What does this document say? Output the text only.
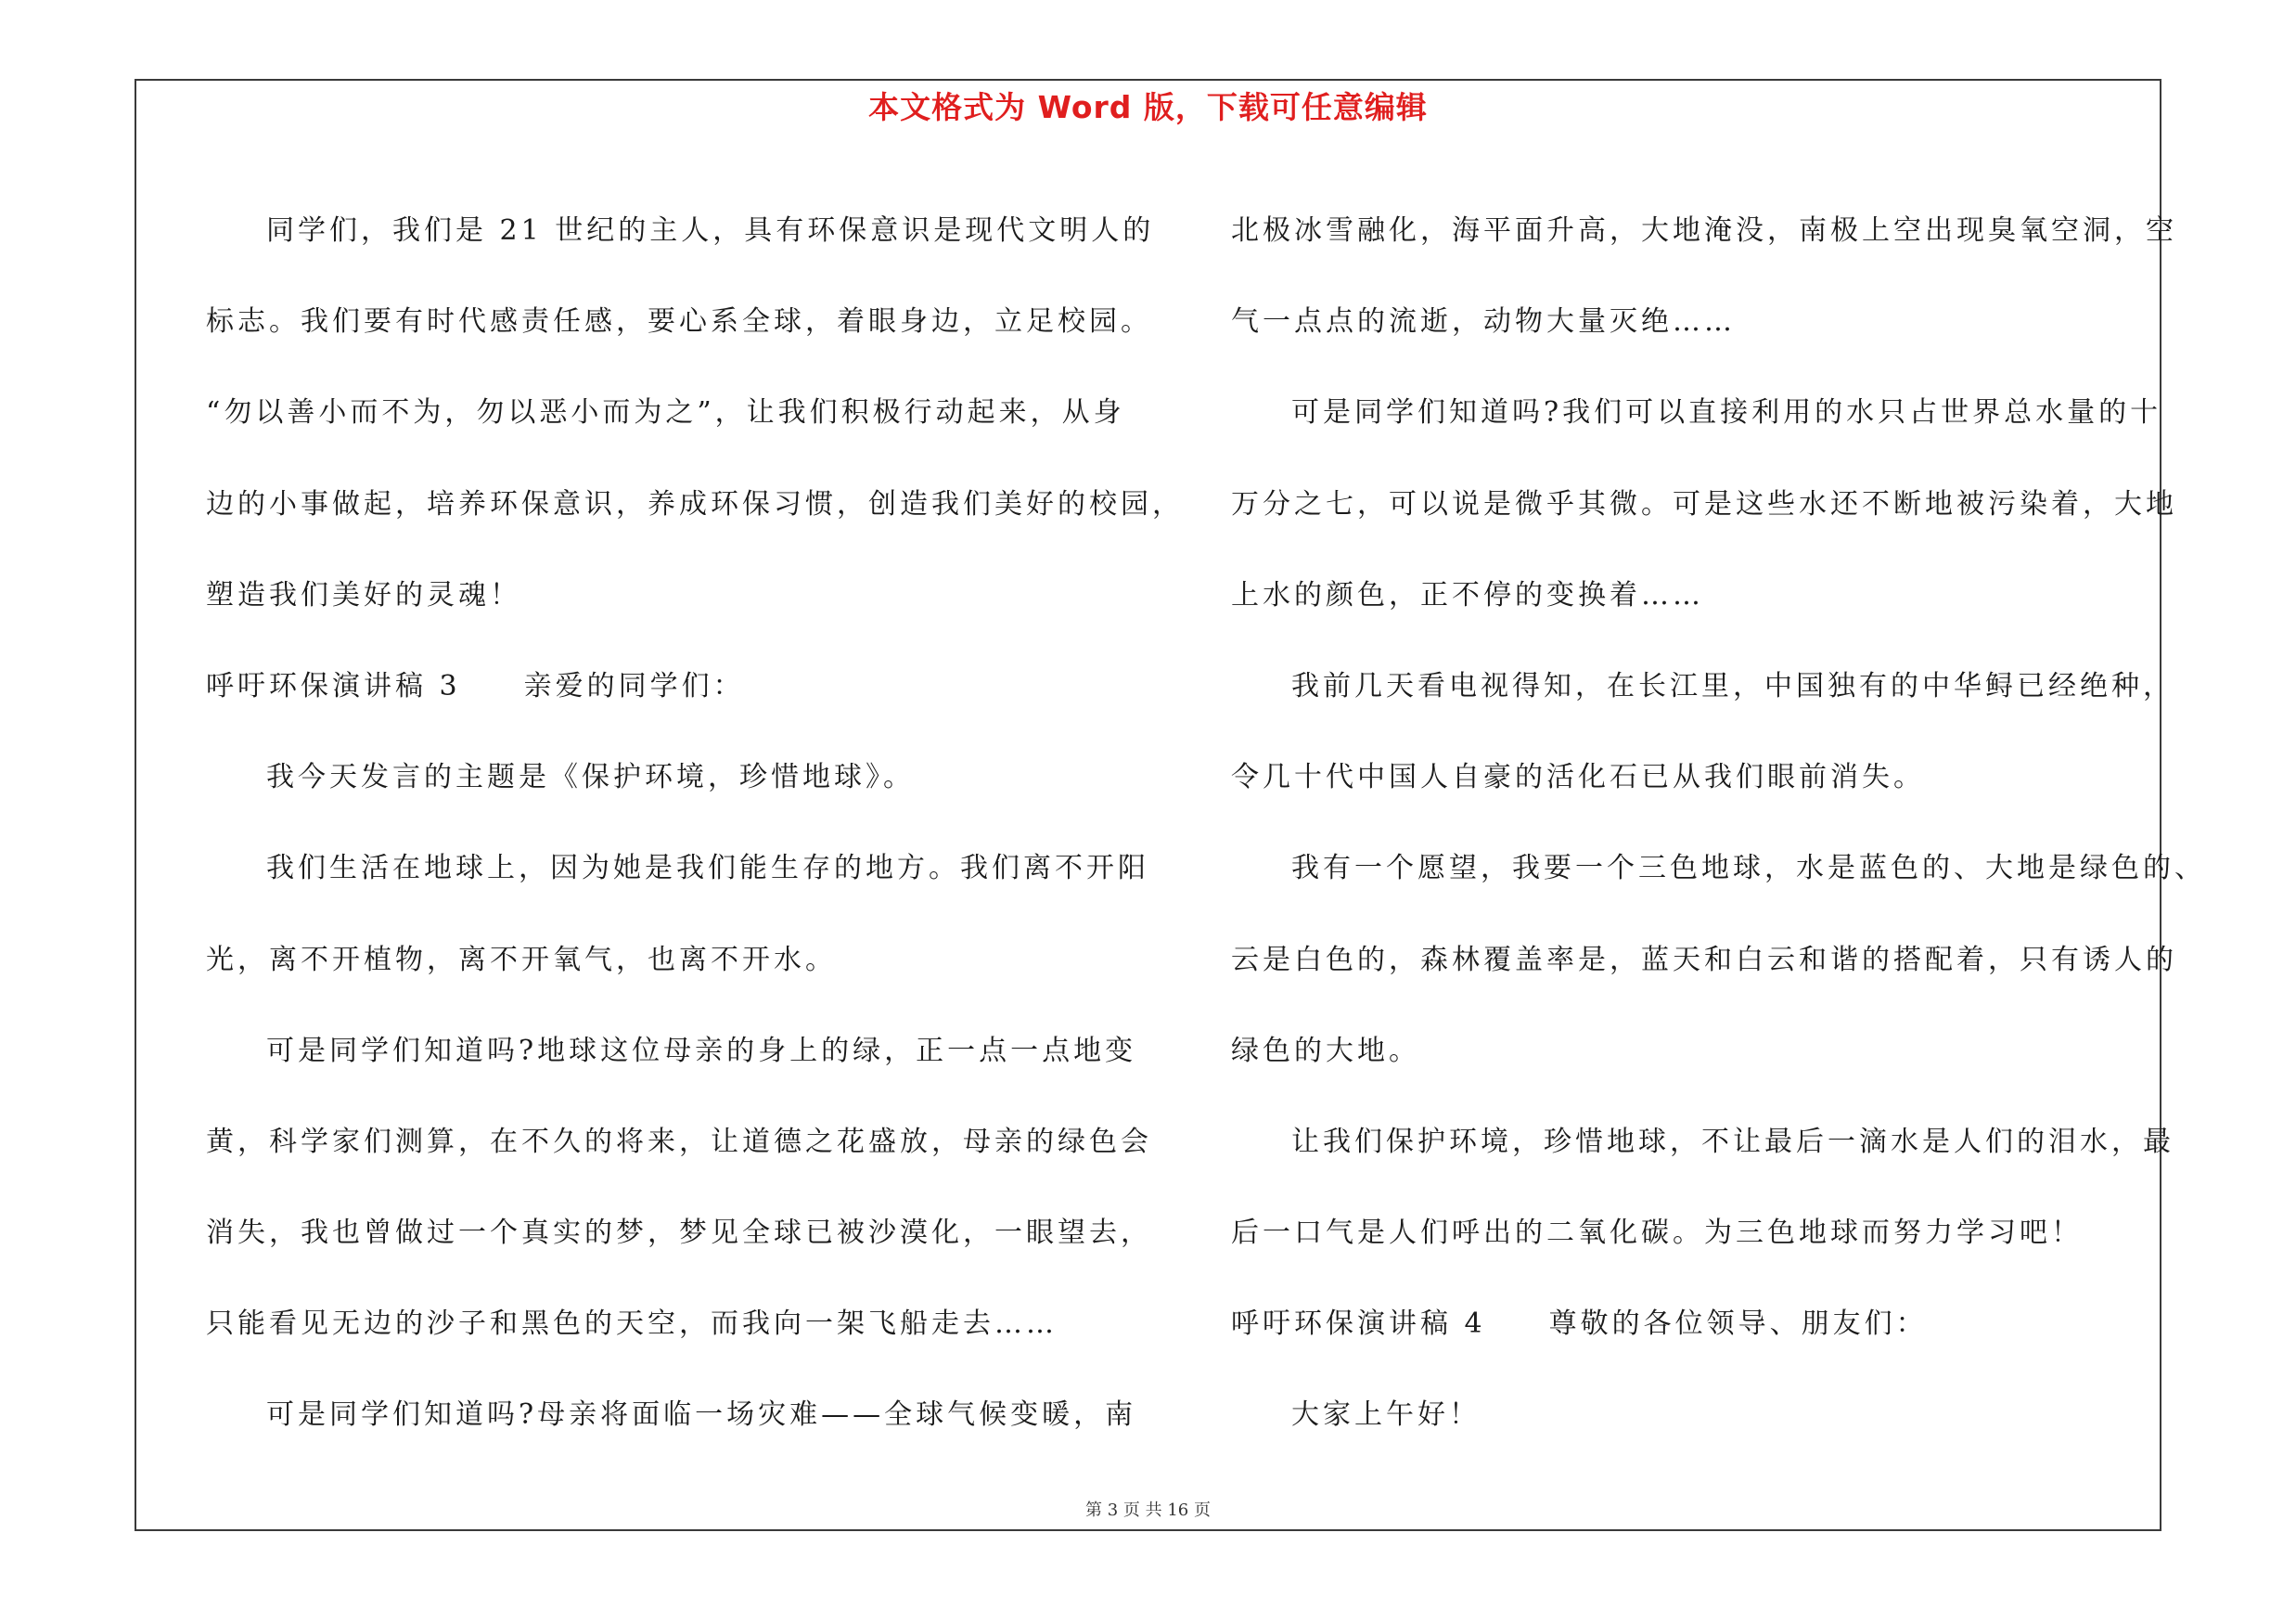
本文格式为 Word 版，下载可任意编辑
同学们，我们是 21 世纪的主人，具有环保意识是现代文明人的
标志。我们要有时代感责任感，要心系全球，着眼身边，立足校园。
“勿以善小而不为，勿以恶小而为之”，让我们积极行动起来，从身
边的小事做起，培养环保意识，养成环保习惯，创造我们美好的校园，
塑造我们美好的灵魂！
呼吁环保演讲稿 3　　亲爱的同学们：
我今天发言的主题是《保护环境，珍惜地球》。
我们生活在地球上，因为她是我们能生存的地方。我们离不开阳
光，离不开植物，离不开氧气，也离不开水。
可是同学们知道吗?地球这位母亲的身上的绿，正一点一点地变
黄，科学家们测算，在不久的将来，让道德之花盛放，母亲的绿色会
消失，我也曾做过一个真实的梦，梦见全球已被沙漠化，一眼望去，
只能看见无边的沙子和黑色的天空，而我向一架飞船走去……
可是同学们知道吗?母亲将面临一场灾难——全球气候变暖，南
北极冰雪融化，海平面升高，大地淹没，南极上空出现臭氧空洞，空
气一点点的流逝，动物大量灭绝……
可是同学们知道吗?我们可以直接利用的水只占世界总水量的十
万分之七，可以说是微乎其微。可是这些水还不断地被污染着，大地
上水的颜色，正不停的变换着……
我前几天看电视得知，在长江里，中国独有的中华鲟已经绝种，
令几十代中国人自豪的活化石已从我们眼前消失。
我有一个愿望，我要一个三色地球，水是蓝色的、大地是绿色的、
云是白色的，森林覆盖率是，蓝天和白云和谐的搭配着，只有诱人的
绿色的大地。
让我们保护环境，珍惜地球，不让最后一滴水是人们的泪水，最
后一口气是人们呼出的二氧化碳。为三色地球而努力学习吧！
呼吁环保演讲稿 4　　尊敬的各位领导、朋友们：
大家上午好！
第 3 页 共 16 页
